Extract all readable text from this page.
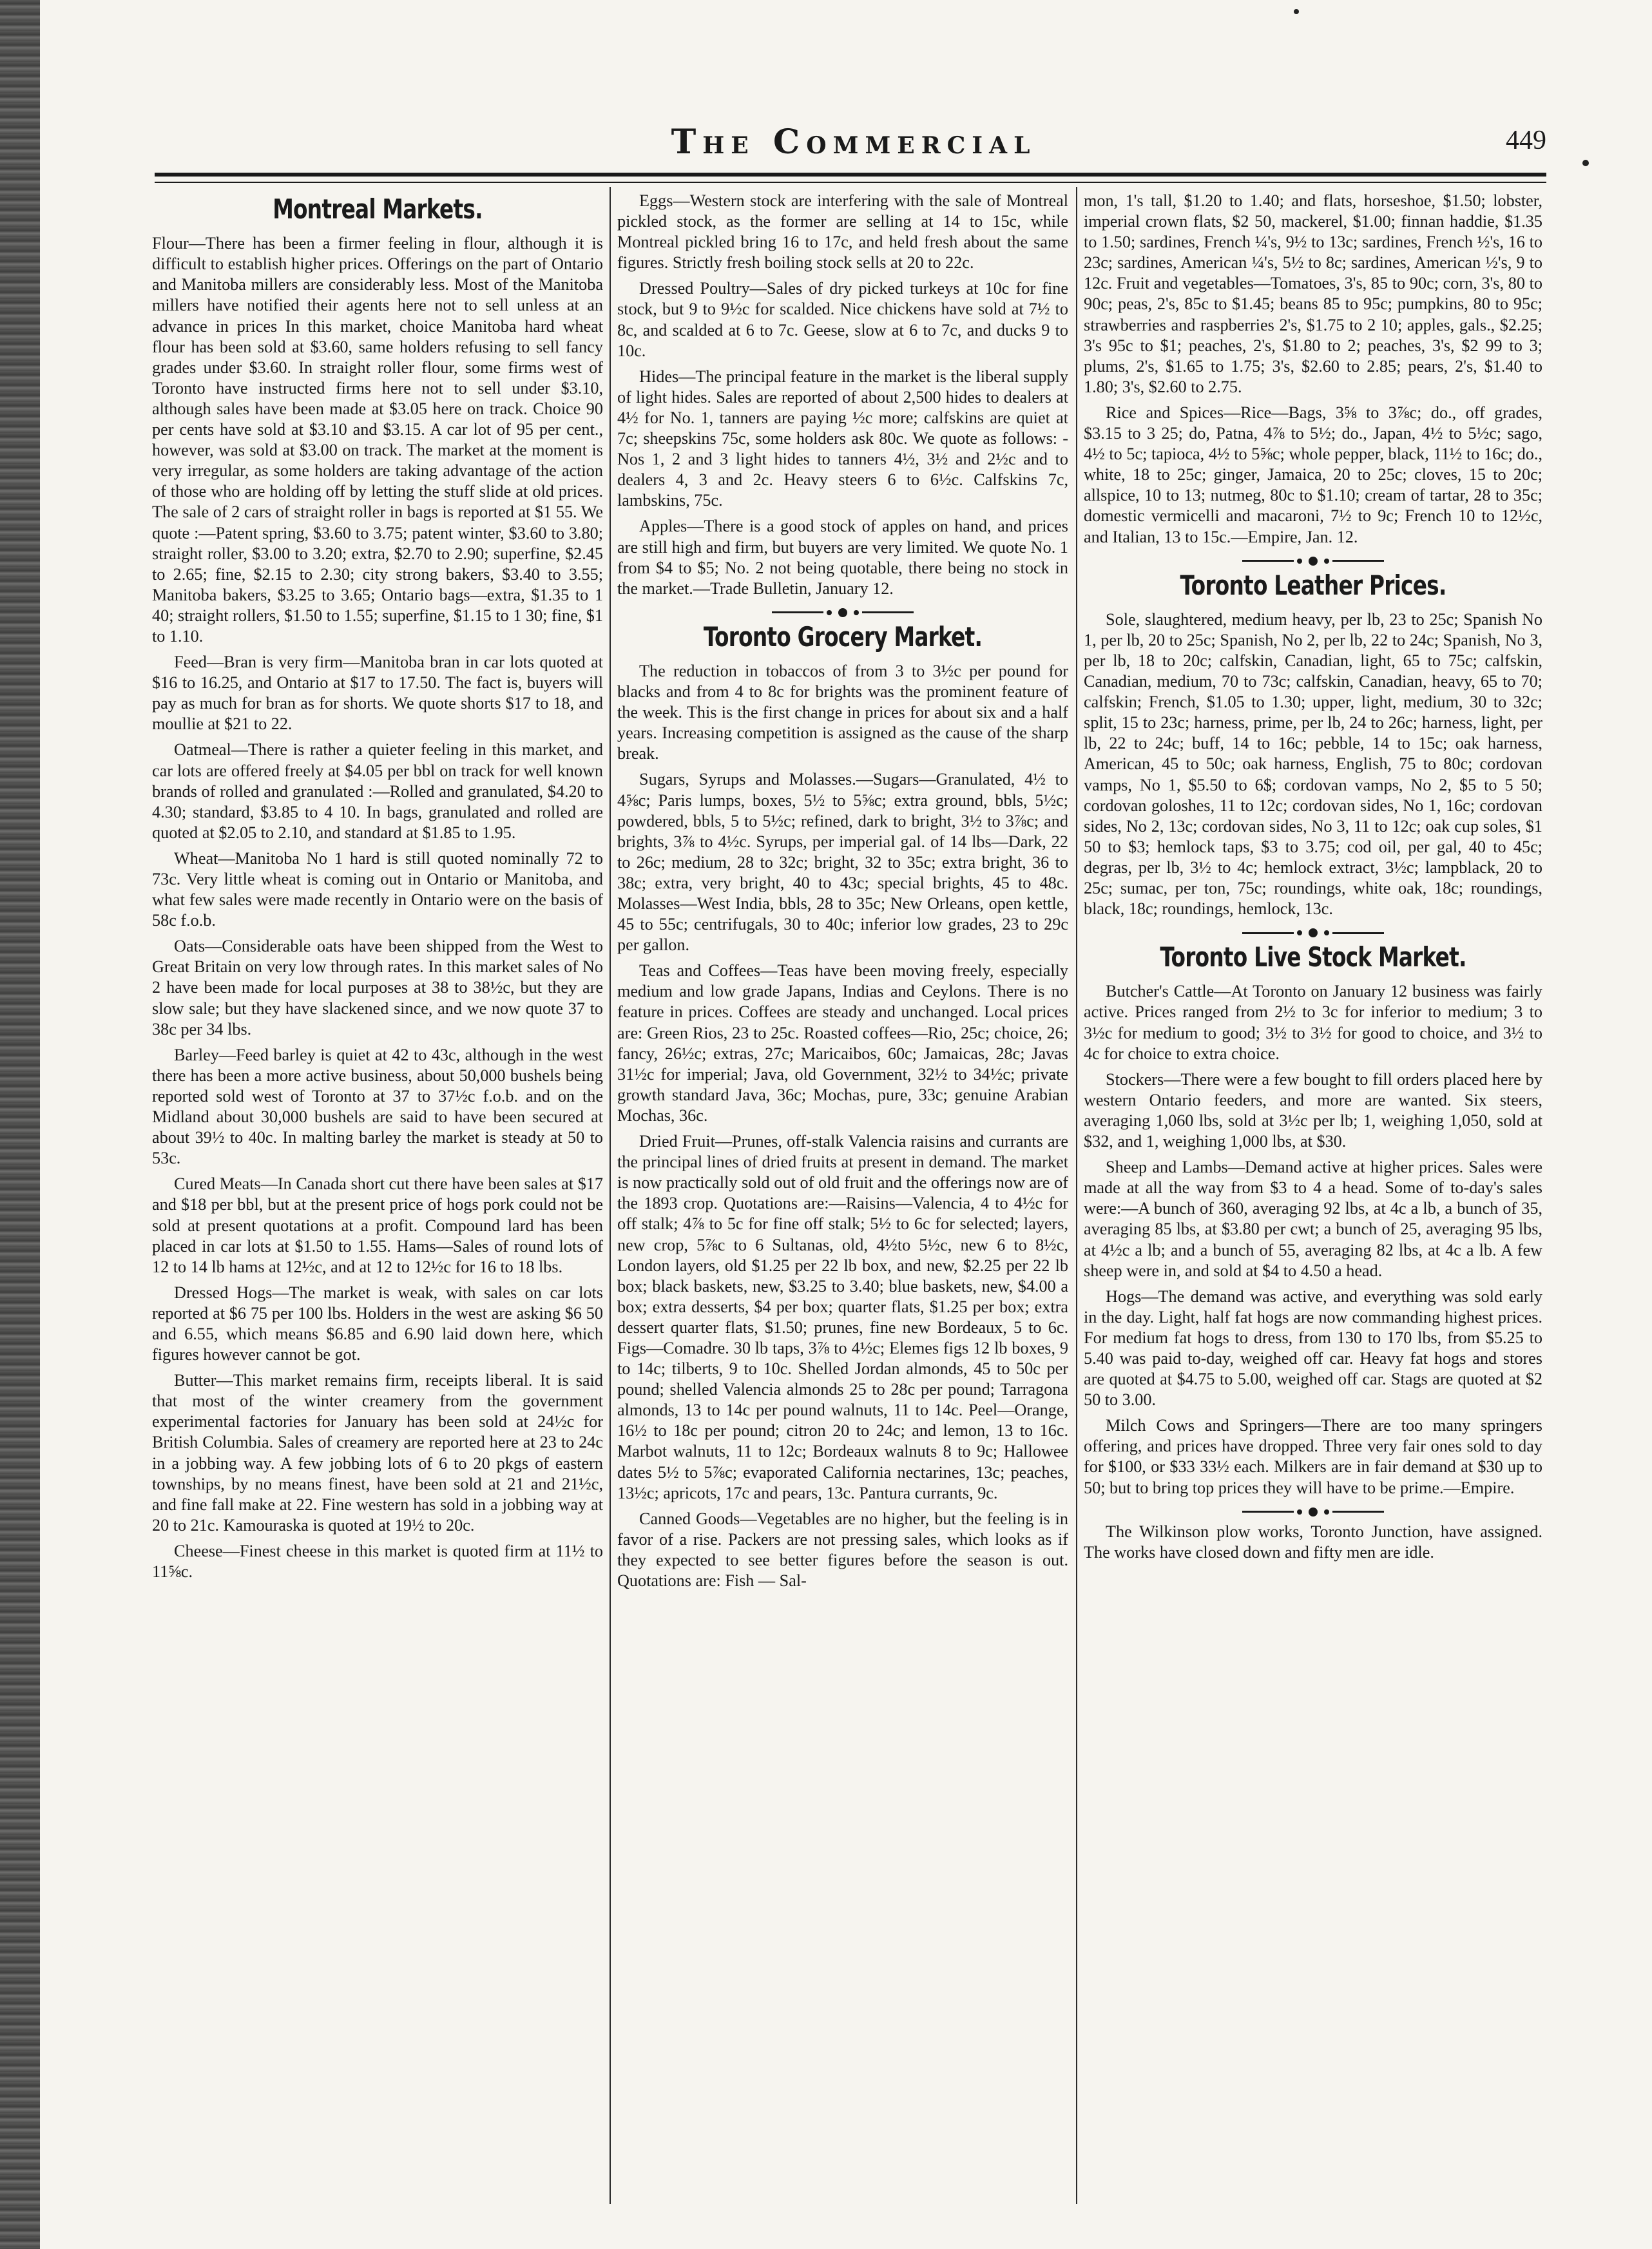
The Commercial	449
Montreal Markets.

Flour—There has been a firmer feeling in flour, although it is difficult to establish higher prices. Offerings on the part of Ontario and Manitoba millers are considerably less. Most of the Manitoba millers have notified their agents here not to sell unless at an advance in prices In this market, choice Manitoba hard wheat flour has been sold at $3.60, same holders refusing to sell fancy grades under $3.60. In straight roller flour, some firms west of Toronto have instructed firms here not to sell under $3.10, although sales have been made at $3.05 here on track. Choice 90 per cents have sold at $3.10 and $3.15. A car lot of 95 per cent., however, was sold at $3.00 on track. The market at the moment is very irregular, as some holders are taking advantage of the action of those who are holding off by letting the stuff slide at old prices. The sale of 2 cars of straight roller in bags is reported at $1 55. We quote :—Patent spring, $3.60 to 3.75; patent winter, $3.60 to 3.80; straight roller, $3.00 to 3.20; extra, $2.70 to 2.90; superfine, $2.45 to 2.65; fine, $2.15 to 2.30; city strong bakers, $3.40 to 3.55; Manitoba bakers, $3.25 to 3.65; Ontario bags—extra, $1.35 to 1 40; straight rollers, $1.50 to 1.55; superfine, $1.15 to 1 30; fine, $1 to 1.10.

Feed—Bran is very firm—Manitoba bran in car lots quoted at $16 to 16.25, and Ontario at $17 to 17.50. The fact is, buyers will pay as much for bran as for shorts. We quote shorts $17 to 18, and moullie at $21 to 22.

Oatmeal—There is rather a quieter feeling in this market, and car lots are offered freely at $4.05 per bbl on track for well known brands of rolled and granulated :—Rolled and granulated, $4.20 to 4.30; standard, $3.85 to 4 10. In bags, granulated and rolled are quoted at $2.05 to 2.10, and standard at $1.85 to 1.95.

Wheat—Manitoba No 1 hard is still quoted nominally 72 to 73c. Very little wheat is coming out in Ontario or Manitoba, and what few sales were made recently in Ontario were on the basis of 58c f.o.b.

Oats—Considerable oats have been shipped from the West to Great Britain on very low through rates. In this market sales of No 2 have been made for local purposes at 38 to 38½c, but they are slow sale; but they have slackened since, and we now quote 37 to 38c per 34 lbs.

Barley—Feed barley is quiet at 42 to 43c, although in the west there has been a more active business, about 50,000 bushels being reported sold west of Toronto at 37 to 37½c f.o.b. and on the Midland about 30,000 bushels are said to have been secured at about 39½ to 40c. In malting barley the market is steady at 50 to 53c.

Cured Meats—In Canada short cut there have been sales at $17 and $18 per bbl, but at the present price of hogs pork could not be sold at present quotations at a profit. Compound lard has been placed in car lots at $1.50 to 1.55. Hams—Sales of round lots of 12 to 14 lb hams at 12½c, and at 12 to 12½c for 16 to 18 lbs.

Dressed Hogs—The market is weak, with sales on car lots reported at $6 75 per 100 lbs. Holders in the west are asking $6 50 and 6.55, which means $6.85 and 6.90 laid down here, which figures however cannot be got.

Butter—This market remains firm, receipts liberal. It is said that most of the winter creamery from the government experimental factories for January has been sold at 24½c for British Columbia. Sales of creamery are reported here at 23 to 24c in a jobbing way. A few jobbing lots of 6 to 20 pkgs of eastern townships, by no means finest, have been sold at 21 and 21½c, and fine fall make at 22. Fine western has sold in a jobbing way at 20 to 21c. Kamouraska is quoted at 19½ to 20c.

Cheese—Finest cheese in this market is quoted firm at 11½ to 11⅝c.

Eggs—Western stock are interfering with the sale of Montreal pickled stock, as the former are selling at 14 to 15c, while Montreal pickled bring 16 to 17c, and held fresh about the same figures. Strictly fresh boiling stock sells at 20 to 22c.

Dressed Poultry—Sales of dry picked turkeys at 10c for fine stock, but 9 to 9½c for scalded. Nice chickens have sold at 7½ to 8c, and scalded at 6 to 7c. Geese, slow at 6 to 7c, and ducks 9 to 10c.

Hides—The principal feature in the market is the liberal supply of light hides. Sales are reported of about 2,500 hides to dealers at 4½ for No. 1, tanners are paying ½c more; calfskins are quiet at 7c; sheepskins 75c, some holders ask 80c. We quote as follows: - Nos 1, 2 and 3 light hides to tanners 4½, 3½ and 2½c and to dealers 4, 3 and 2c. Heavy steers 6 to 6½c. Calfskins 7c, lambskins, 75c.

Apples—There is a good stock of apples on hand, and prices are still high and firm, but buyers are very limited. We quote No. 1 from $4 to $5; No. 2 not being quotable, there being no stock in the market.—Trade Bulletin, January 12.

Toronto Grocery Market.

The reduction in tobaccos of from 3 to 3½c per pound for blacks and from 4 to 8c for brights was the prominent feature of the week. This is the first change in prices for about six and a half years. Increasing competition is assigned as the cause of the sharp break.

Sugars, Syrups and Molasses.—Sugars—Granulated, 4½ to 4⅝c; Paris lumps, boxes, 5½ to 5⅝c; extra ground, bbls, 5½c; powdered, bbls, 5 to 5½c; refined, dark to bright, 3½ to 3⅞c; and brights, 3⅞ to 4½c. Syrups, per imperial gal. of 14 lbs—Dark, 22 to 26c; medium, 28 to 32c; bright, 32 to 35c; extra bright, 36 to 38c; extra, very bright, 40 to 43c; special brights, 45 to 48c. Molasses—West India, bbls, 28 to 35c; New Orleans, open kettle, 45 to 55c; centrifugals, 30 to 40c; inferior low grades, 23 to 29c per gallon.

Teas and Coffees—Teas have been moving freely, especially medium and low grade Japans, Indias and Ceylons. There is no feature in prices. Coffees are steady and unchanged. Local prices are: Green Rios, 23 to 25c. Roasted coffees—Rio, 25c; choice, 26; fancy, 26½c; extras, 27c; Maricaibos, 60c; Jamaicas, 28c; Javas 31½c for imperial; Java, old Government, 32½ to 34½c; private growth standard Java, 36c; Mochas, pure, 33c; genuine Arabian Mochas, 36c.

Dried Fruit—Prunes, off-stalk Valencia raisins and currants are the principal lines of dried fruits at present in demand. The market is now practically sold out of old fruit and the offerings now are of the 1893 crop. Quotations are:—Raisins—Valencia, 4 to 4½c for off stalk; 4⅞ to 5c for fine off stalk; 5½ to 6c for selected; layers, new crop, 5⅞c to 6 Sultanas, old, 4½to 5½c, new 6 to 8½c, London layers, old $1.25 per 22 lb box, and new, $2.25 per 22 lb box; black baskets, new, $3.25 to 3.40; blue baskets, new, $4.00 a box; extra desserts, $4 per box; quarter flats, $1.25 per box; extra dessert quarter flats, $1.50; prunes, fine new Bordeaux, 5 to 6c. Figs—Comadre. 30 lb taps, 3⅞ to 4½c; Elemes figs 12 lb boxes, 9 to 14c; tilberts, 9 to 10c. Shelled Jordan almonds, 45 to 50c per pound; shelled Valencia almonds 25 to 28c per pound; Tarragona almonds, 13 to 14c per pound walnuts, 11 to 14c. Peel—Orange, 16½ to 18c per pound; citron 20 to 24c; and lemon, 13 to 16c. Marbot walnuts, 11 to 12c; Bordeaux walnuts 8 to 9c; Hallowee dates 5½ to 5⅞c; evaporated California nectarines, 13c; peaches, 13½c; apricots, 17c and pears, 13c. Pantura currants, 9c.

Canned Goods—Vegetables are no higher, but the feeling is in favor of a rise. Packers are not pressing sales, which looks as if they expected to see better figures before the season is out. Quotations are: Fish — Sal-

mon, 1's tall, $1.20 to 1.40; and flats, horseshoe, $1.50; lobster, imperial crown flats, $2 50, mackerel, $1.00; finnan haddie, $1.35 to 1.50; sardines, French ¼'s, 9½ to 13c; sardines, French ½'s, 16 to 23c; sardines, American ¼'s, 5½ to 8c; sardines, American ½'s, 9 to 12c. Fruit and vegetables—Tomatoes, 3's, 85 to 90c; corn, 3's, 80 to 90c; peas, 2's, 85c to $1.45; beans 85 to 95c; pumpkins, 80 to 95c; strawberries and raspberries 2's, $1.75 to 2 10; apples, gals., $2.25; 3's 95c to $1; peaches, 2's, $1.80 to 2; peaches, 3's, $2 99 to 3; plums, 2's, $1.65 to 1.75; 3's, $2.60 to 2.85; pears, 2's, $1.40 to 1.80; 3's, $2.60 to 2.75.

Rice and Spices—Rice—Bags, 3⅝ to 3⅞c; do., off grades, $3.15 to 3 25; do, Patna, 4⅞ to 5½; do., Japan, 4½ to 5½c; sago, 4½ to 5c; tapioca, 4½ to 5⅝c; whole pepper, black, 11½ to 16c; do., white, 18 to 25c; ginger, Jamaica, 20 to 25c; cloves, 15 to 20c; allspice, 10 to 13; nutmeg, 80c to $1.10; cream of tartar, 28 to 35c; domestic vermicelli and macaroni, 7½ to 9c; French 10 to 12½c, and Italian, 13 to 15c.—Empire, Jan. 12.

Toronto Leather Prices.

Sole, slaughtered, medium heavy, per lb, 23 to 25c; Spanish No 1, per lb, 20 to 25c; Spanish, No 2, per lb, 22 to 24c; Spanish, No 3, per lb, 18 to 20c; calfskin, Canadian, light, 65 to 75c; calfskin, Canadian, medium, 70 to 73c; calfskin, Canadian, heavy, 65 to 70; calfskin; French, $1.05 to 1.30; upper, light, medium, 30 to 32c; split, 15 to 23c; harness, prime, per lb, 24 to 26c; harness, light, per lb, 22 to 24c; buff, 14 to 16c; pebble, 14 to 15c; oak harness, American, 45 to 50c; oak harness, English, 75 to 80c; cordovan vamps, No 1, $5.50 to 6$; cordovan vamps, No 2, $5 to 5 50; cordovan goloshes, 11 to 12c; cordovan sides, No 1, 16c; cordovan sides, No 2, 13c; cordovan sides, No 3, 11 to 12c; oak cup soles, $1 50 to $3; hemlock taps, $3 to 3.75; cod oil, per gal, 40 to 45c; degras, per lb, 3½ to 4c; hemlock extract, 3½c; lampblack, 20 to 25c; sumac, per ton, 75c; roundings, white oak, 18c; roundings, black, 18c; roundings, hemlock, 13c.

Toronto Live Stock Market.

Butcher's Cattle—At Toronto on January 12 business was fairly active. Prices ranged from 2½ to 3c for inferior to medium; 3 to 3½c for medium to good; 3½ to 3½ for good to choice, and 3½ to 4c for choice to extra choice.

Stockers—There were a few bought to fill orders placed here by western Ontario feeders, and more are wanted. Six steers, averaging 1,060 lbs, sold at 3½c per lb; 1, weighing 1,050, sold at $32, and 1, weighing 1,000 lbs, at $30.

Sheep and Lambs—Demand active at higher prices. Sales were made at all the way from $3 to 4 a head. Some of to-day's sales were:—A bunch of 360, averaging 92 lbs, at 4c a lb, a bunch of 35, averaging 85 lbs, at $3.80 per cwt; a bunch of 25, averaging 95 lbs, at 4½c a lb; and a bunch of 55, averaging 82 lbs, at 4c a lb. A few sheep were in, and sold at $4 to 4.50 a head.

Hogs—The demand was active, and everything was sold early in the day. Light, half fat hogs are now commanding highest prices. For medium fat hogs to dress, from 130 to 170 lbs, from $5.25 to 5.40 was paid to-day, weighed off car. Heavy fat hogs and stores are quoted at $4.75 to 5.00, weighed off car. Stags are quoted at $2 50 to 3.00.

Milch Cows and Springers—There are too many springers offering, and prices have dropped. Three very fair ones sold to day for $100, or $33 33½ each. Milkers are in fair demand at $30 up to 50; but to bring top prices they will have to be prime.—Empire.

The Wilkinson plow works, Toronto Junction, have assigned. The works have closed down and fifty men are idle.
